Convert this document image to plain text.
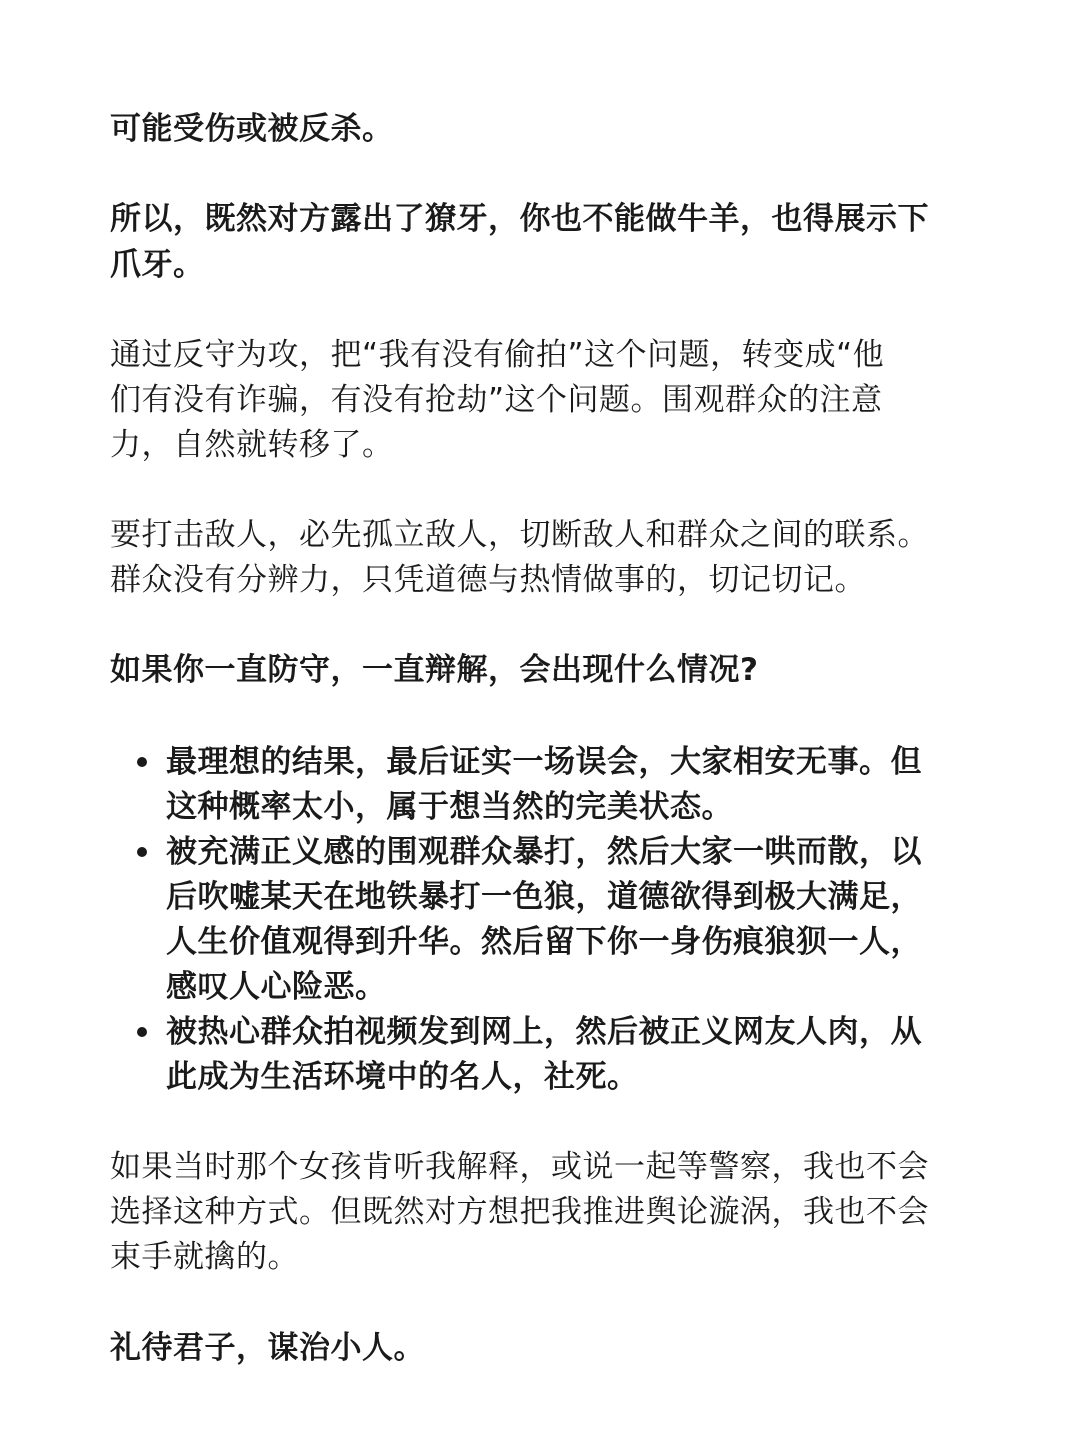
可能受伤或被反杀。
所以，既然对方露出了獠牙，你也不能做牛羊，也得展示下
爪牙。
通过反守为攻，把“我有没有偷拍”这个问题，转变成“他
们有没有诈骗，有没有抢劫”这个问题。围观群众的注意
力，自然就转移了。
要打击敌人，必先孤立敌人，切断敌人和群众之间的联系。
群众没有分辨力，只凭道德与热情做事的，切记切记。
如果你一直防守，一直辩解，会出现什么情况?
最理想的结果，最后证实一场误会，大家相安无事。但
这种概率太小，属于想当然的完美状态。
被充满正义感的围观群众暴打，然后大家一哄而散，以
后吹嘘某天在地铁暴打一色狼，道德欲得到极大满足，
人生价值观得到升华。然后留下你一身伤痕狼狈一人，
感叹人心险恶。
被热心群众拍视频发到网上，然后被正义网友人肉，从
此成为生活环境中的名人，社死。
如果当时那个女孩肯听我解释，或说一起等警察，我也不会
选择这种方式。但既然对方想把我推进舆论漩涡，我也不会
束手就擒的。
礼待君子，谋治小人。
